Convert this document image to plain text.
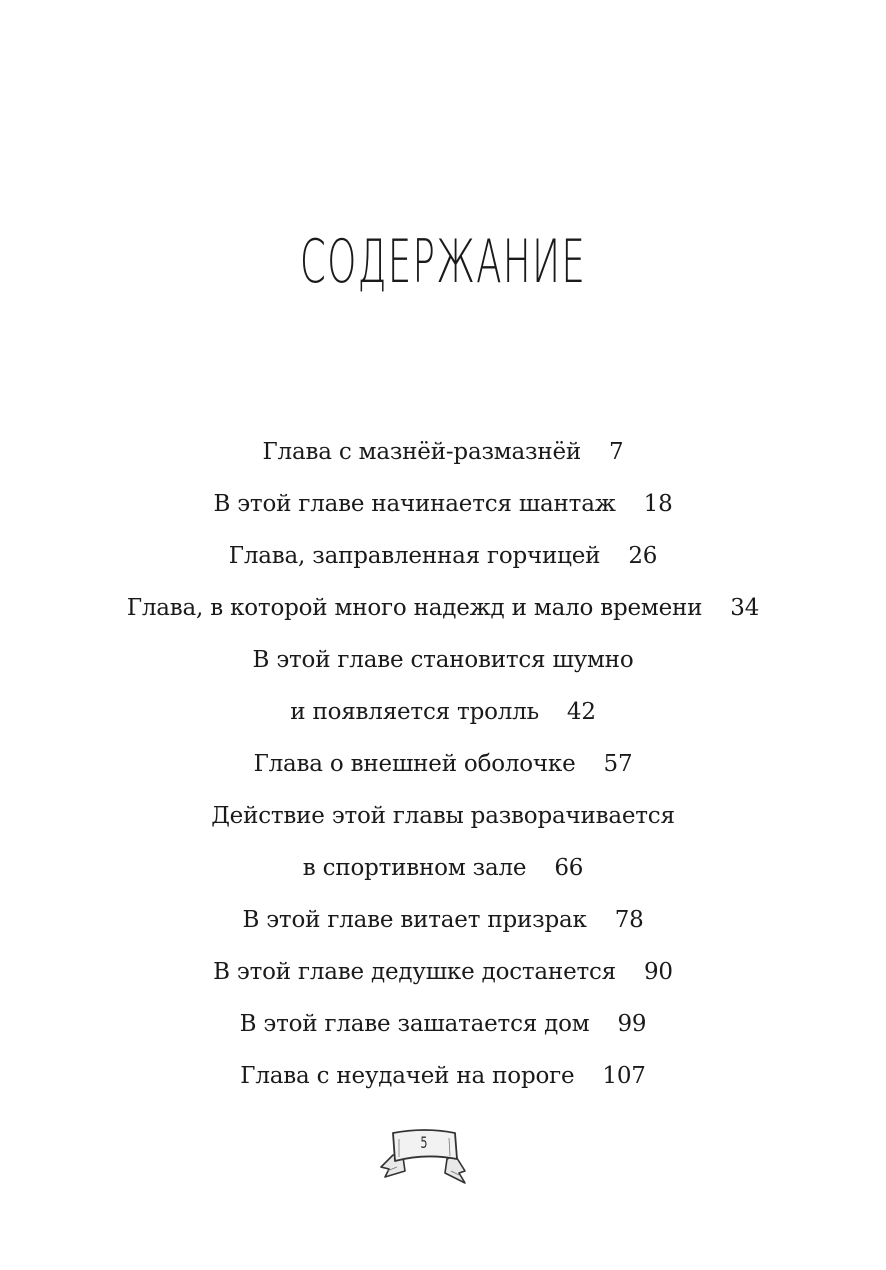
СОДЕРЖАНИЕ
Глава с мазнёй-размазнёй 7
В этой главе начинается шантаж 18
Глава, заправленная горчицей 26
Глава, в которой много надежд и мало времени 34
В этой главе становится шумно
и появляется тролль 42
Глава о внешней оболочке 57
Действие этой главы разворачивается
в спортивном зале 66
В этой главе витает призрак 78
В этой главе дедушке достанется 90
В этой главе зашатается дом 99
Глава с неудачей на пороге 107
5
